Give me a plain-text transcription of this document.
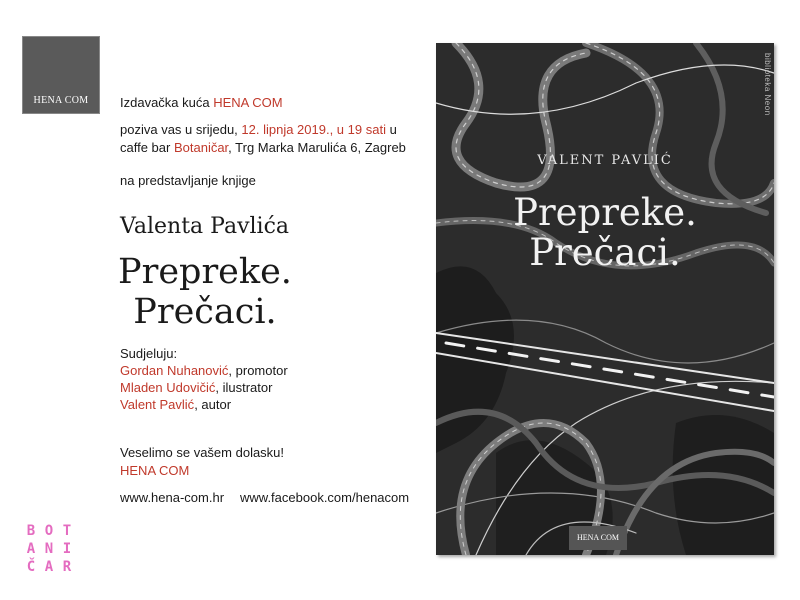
HENA COM	Izdavačka kuća HENA COM
poziva vas u srijedu, 12. lipnja 2019., u 19 sati u
caffe bar Botaničar, Trg Marka Marulića 6, Zagreb
na predstavljanje knjige
Valenta Pavlića
Prepreke.
Prečaci.
Sudjeluju:
Gordan Nuhanović, promotor
Mladen Udovičić, ilustrator
Valent Pavlić, autor
Veselimo se vašem dolasku!
HENA COM
www.hena-com.hr www.facebook.com/henacom
B O T
A N I
Č A R
biblioteka Neon
VALENT PAVLIĆ
Prepreke.
Prečaci.
HENA COM
